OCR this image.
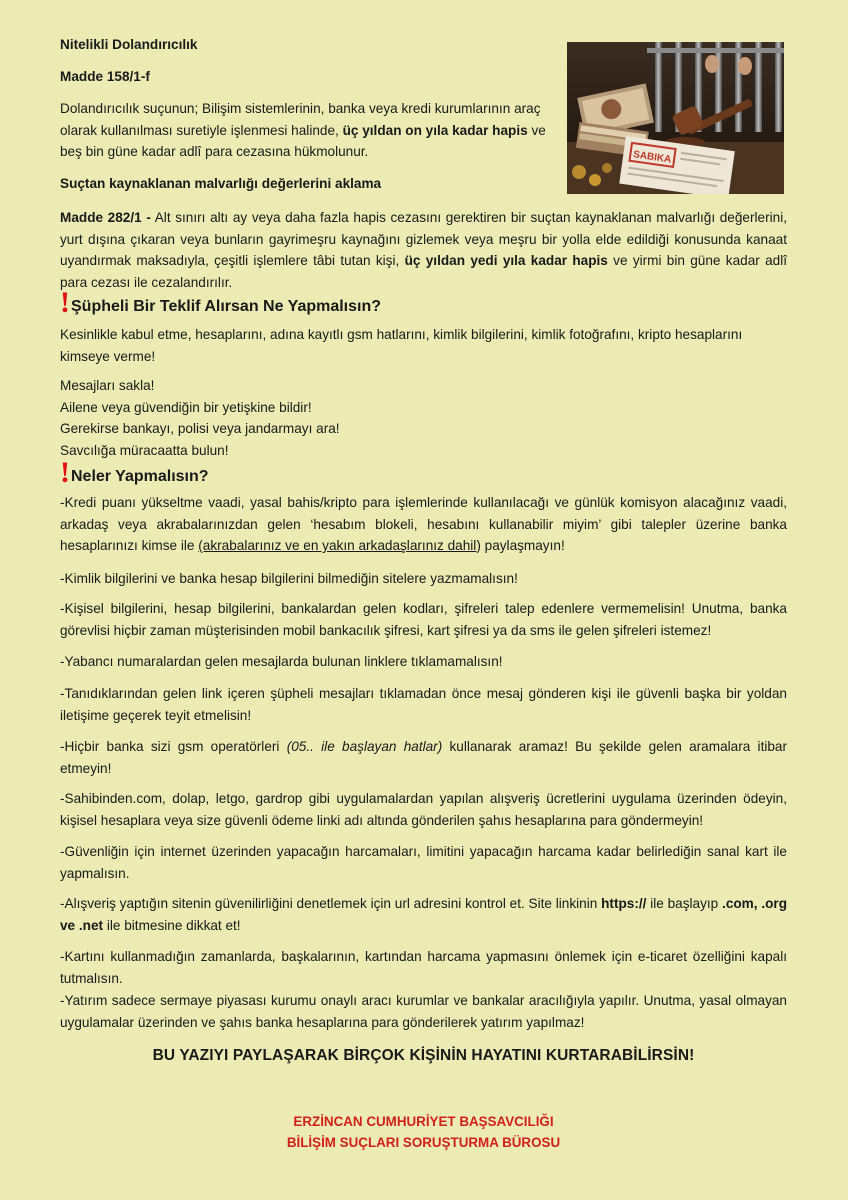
SABIKA

Nitelikli Dolandırıcılık

Madde 158/1-f

Dolandırıcılık suçunun; Bilişim sistemlerinin, banka veya kredi kurumlarının araç olarak kullanılması suretiyle işlenmesi halinde, üç yıldan on yıla kadar hapis ve beş bin güne kadar adlî para cezasına hükmolunur.

Suçtan kaynaklanan malvarlığı değerlerini aklama

Madde 282/1 - Alt sınırı altı ay veya daha fazla hapis cezasını gerektiren bir suçtan kaynaklanan malvarlığı değerlerini, yurt dışına çıkaran veya bunların gayrimeşru kaynağını gizlemek veya meşru bir yolla elde edildiği konusunda kanaat uyandırmak maksadıyla, çeşitli işlemlere tâbi tutan kişi, üç yıldan yedi yıla kadar hapis ve yirmi bin güne kadar adlî para cezası ile cezalandırılır.

! Şüpheli Bir Teklif Alırsan Ne Yapmalısın?

Kesinlikle kabul etme, hesaplarını, adına kayıtlı gsm hatlarını, kimlik bilgilerini, kimlik fotoğrafını, kripto hesaplarını kimseye verme!

Mesajları sakla!
Ailene veya güvendiğin bir yetişkine bildir!
Gerekirse bankayı, polisi veya jandarmayı ara!
Savcılığa müracaatta bulun!
! Neler Yapmalısın?

-Kredi puanı yükseltme vaadi, yasal bahis/kripto para işlemlerinde kullanılacağı ve günlük komisyon alacağınız vaadi, arkadaş veya akrabalarınızdan gelen ‘hesabım blokeli, hesabını kullanabilir miyim’ gibi talepler üzerine banka hesaplarınızı kimse ile (akrabalarınız ve en yakın arkadaşlarınız dahil) paylaşmayın!

-Kimlik bilgilerini ve banka hesap bilgilerini bilmediğin sitelere yazmamalısın!

-Kişisel bilgilerini, hesap bilgilerini, bankalardan gelen kodları, şifreleri talep edenlere vermemelisin! Unutma, banka görevlisi hiçbir zaman müşterisinden mobil bankacılık şifresi, kart şifresi ya da sms ile gelen şifreleri istemez!

-Yabancı numaralardan gelen mesajlarda bulunan linklere tıklamamalısın!

-Tanıdıklarından gelen link içeren şüpheli mesajları tıklamadan önce mesaj gönderen kişi ile güvenli başka bir yoldan iletişime geçerek teyit etmelisin!

-Hiçbir banka sizi gsm operatörleri (05.. ile başlayan hatlar) kullanarak aramaz! Bu şekilde gelen aramalara itibar etmeyin!

-Sahibinden.com, dolap, letgo, gardrop gibi uygulamalardan yapılan alışveriş ücretlerini uygulama üzerinden ödeyin, kişisel hesaplara veya size güvenli ödeme linki adı altında gönderilen şahıs hesaplarına para göndermeyin!

-Güvenliğin için internet üzerinden yapacağın harcamaları, limitini yapacağın harcama kadar belirlediğin sanal kart ile yapmalısın.

-Alışveriş yaptığın sitenin güvenilirliğini denetlemek için url adresini kontrol et. Site linkinin https:// ile başlayıp .com, .org ve .net ile bitmesine dikkat et!

-Kartını kullanmadığın zamanlarda, başkalarının, kartından harcama yapmasını önlemek için e-ticaret özelliğini kapalı tutmalısın.

-Yatırım sadece sermaye piyasası kurumu onaylı aracı kurumlar ve bankalar aracılığıyla yapılır. Unutma, yasal olmayan uygulamalar üzerinden ve şahıs banka hesaplarına para gönderilerek yatırım yapılmaz!

BU YAZIYI PAYLAŞARAK BİRÇOK KİŞİNİN HAYATINI KURTARABİLİRSİN!

ERZİNCAN CUMHURİYET BAŞSAVCILIĞI

BİLİŞİM SUÇLARI SORUŞTURMA BÜROSU
